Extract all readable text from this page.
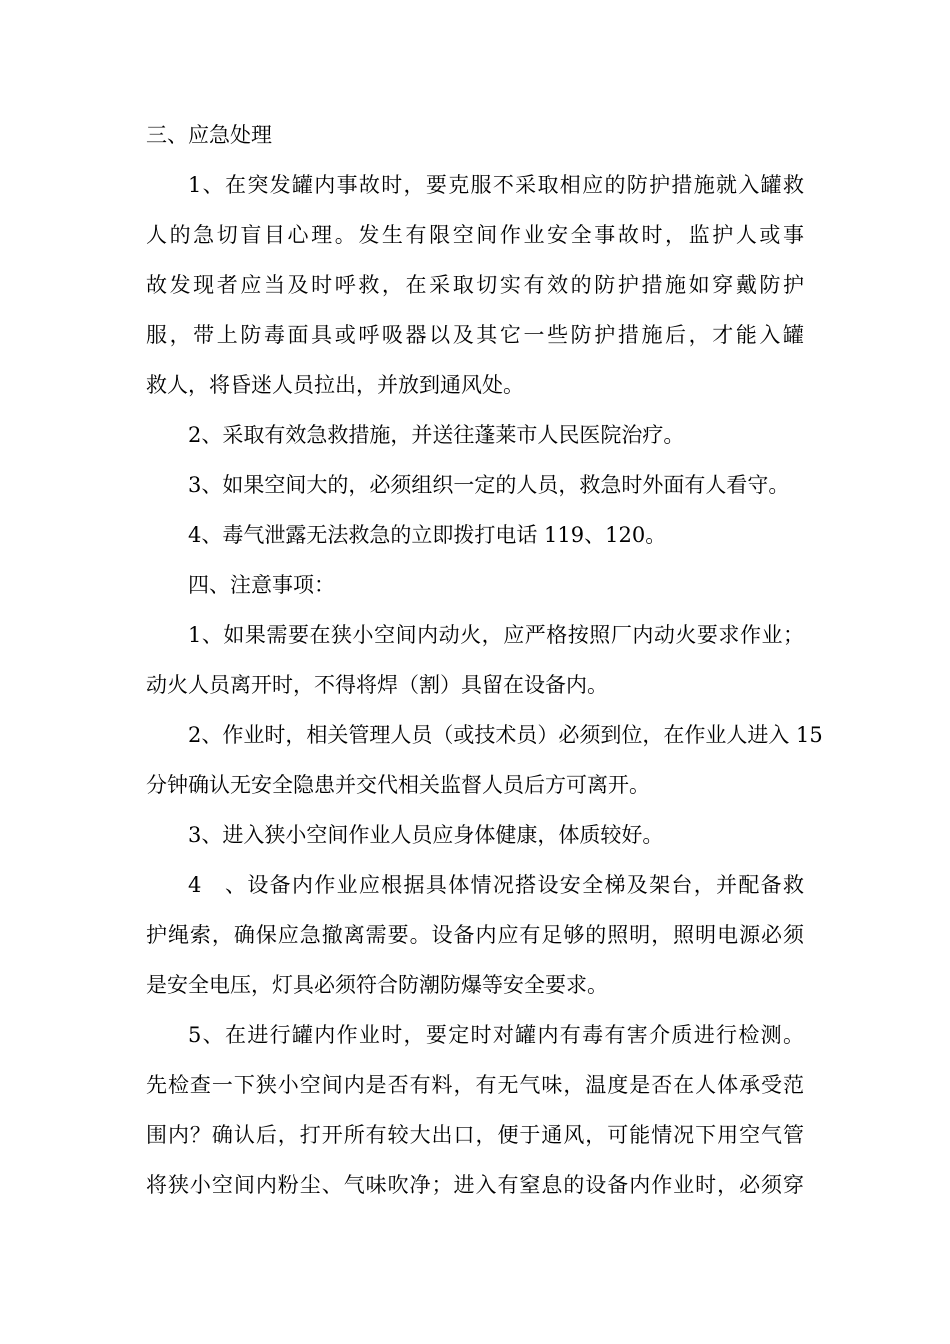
三、应急处理
1、在突发罐内事故时，要克服不采取相应的防护措施就入罐救
人的急切盲目心理。发生有限空间作业安全事故时，监护人或事
故发现者应当及时呼救，在采取切实有效的防护措施如穿戴防护
服，带上防毒面具或呼吸器以及其它一些防护措施后，才能入罐
救人，将昏迷人员拉出，并放到通风处。
2、采取有效急救措施，并送往蓬莱市人民医院治疗。
3、如果空间大的，必须组织一定的人员，救急时外面有人看守。
4、毒气泄露无法救急的立即拨打电话 119、120。
四、注意事项：
1、如果需要在狭小空间内动火，应严格按照厂内动火要求作业；
动火人员离开时，不得将焊（割）具留在设备内。
2、作业时，相关管理人员（或技术员）必须到位，在作业人进入 15
分钟确认无安全隐患并交代相关监督人员后方可离开。
3、进入狭小空间作业人员应身体健康，体质较好。
4　、设备内作业应根据具体情况搭设安全梯及架台，并配备救
护绳索，确保应急撤离需要。设备内应有足够的照明，照明电源必须
是安全电压，灯具必须符合防潮防爆等安全要求。
5、在进行罐内作业时，要定时对罐内有毒有害介质进行检测。
先检查一下狭小空间内是否有料，有无气味，温度是否在人体承受范
围内？确认后，打开所有较大出口，便于通风，可能情况下用空气管
将狭小空间内粉尘、气味吹净；进入有窒息的设备内作业时，必须穿
